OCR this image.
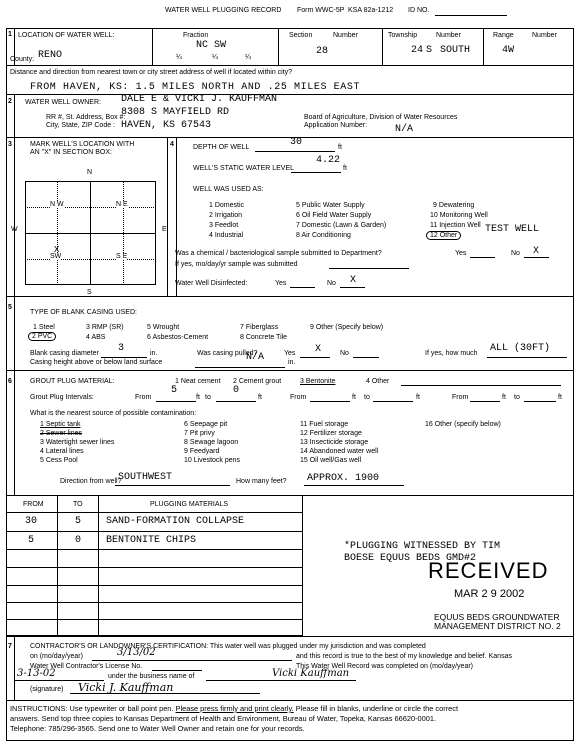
WATER WELL PLUGGING RECORD Form WWC-5P KSA 82a-1212 ID NO.
1 LOCATION OF WATER WELL:
County: RENO
Fraction
NC SW
¼	¼	¼
Section	Number
28
Township	Number
24 S SOUTH
Range	Number
4W
Distance and direction from nearest town or city street address of well if located within city?
FROM HAVEN, KS: 1.5 MILES NORTH AND .25 MILES EAST
2 WATER WELL OWNER: DALE E & VICKI J. KAUFFMAN
RR #, St. Address, Box #:
City, State, ZIP Code :
8308 S MAYFIELD RD
HAVEN, KS 67543
Board of Agriculture, Division of Water Resources
Application Number:	N/A
3	MARK WELL'S LOCATION WITH
AN "X" IN SECTION BOX:
N
S
W	E
N W	N E
SW	S E
X
4	DEPTH OF WELL	30	ft
WELL'S STATIC WATER LEVEL
4.22
ft
WELL WAS USED AS:
1 Domestic
2 Irrigation
3 Feedlot
4 Industrial
5 Public Water Supply
6 Oil Field Water Supply
7 Domestic (Lawn & Garden)
8 Air Conditioning
9 Dewatering
10 Monitoring Well
11 Injection Well
12 Other
TEST WELL
Was a chemical / bacteriological sample submitted to Department?	Yes	No X
If yes, mo/day/yr sample was submitted
Water Well Disinfected:	Yes	No X
5
TYPE OF BLANK CASING USED:
1 Steel
2 PVC
3 RMP (SR)
4 ABS
5 Wrought
6 Asbestos-Cement
7 Fiberglass
8 Concrete Tile
9 Other (Specify below)
Blank casing diameter 3	in.	Was casing pulled?	Yes X	No	If yes, how much ALL (30FT)
Casing height above or below land surface	N/A	in.
6	GROUT PLUG MATERIAL:	1 Neat cement 2 Cement grout	3 Bentonite	4 Other
Grout Plug Intervals:	From
5
ft to
0
ft	From	ft to	ft	From	ft to	ft
What is the nearest source of possible contamination:
1 Septic tank
2 Sewer lines
3 Watertight sewer lines
4 Lateral lines
5 Cess Pool
6 Seepage pit
7 Pit privy
8 Sewage lagoon
9 Feedyard
10 Livestock pens
11 Fuel storage
12 Fertilizer storage
13 Insecticide storage
14 Abandoned water well
15 Oil well/Gas well
16 Other (specify below)
Direction from well?
SOUTHWEST	How many feet? APPROX. 1900
FROM	TO	PLUGGING MATERIALS
30	5 SAND-FORMATION COLLAPSE
5	0 BENTONITE CHIPS
*PLUGGING WITNESSED BY TIM
BOESE EQUUS BEDS GMD#2
RECEIVED
MAR 2 9 2002
EQUUS BEDS GROUNDWATER
MANAGEMENT DISTRICT NO. 2
7	CONTRACTOR'S OR LANDOWNER'S CERTIFICATION: This water well was plugged under my jurisdiction and was completed
on (mo/day/year)	3/13/02	and this record is true to the best of my knowledge and belief. Kansas
Water Well Contractor's License No.	This Water Well Record was completed on (mo/day/year)
3-13-02	under the business name of	Vicki Kauffman
(signature) Vicki J. Kauffman
INSTRUCTIONS: Use typewriter or ball point pen. Please press firmly and print clearly. Please fill in blanks, underline or circle the correct
answers. Send top three copies to Kansas Department of Health and Environment, Bureau of Water, Topeka, Kansas 66620-0001.
Telephone: 785/296-3565. Send one to Water Well Owner and retain one for your records.
